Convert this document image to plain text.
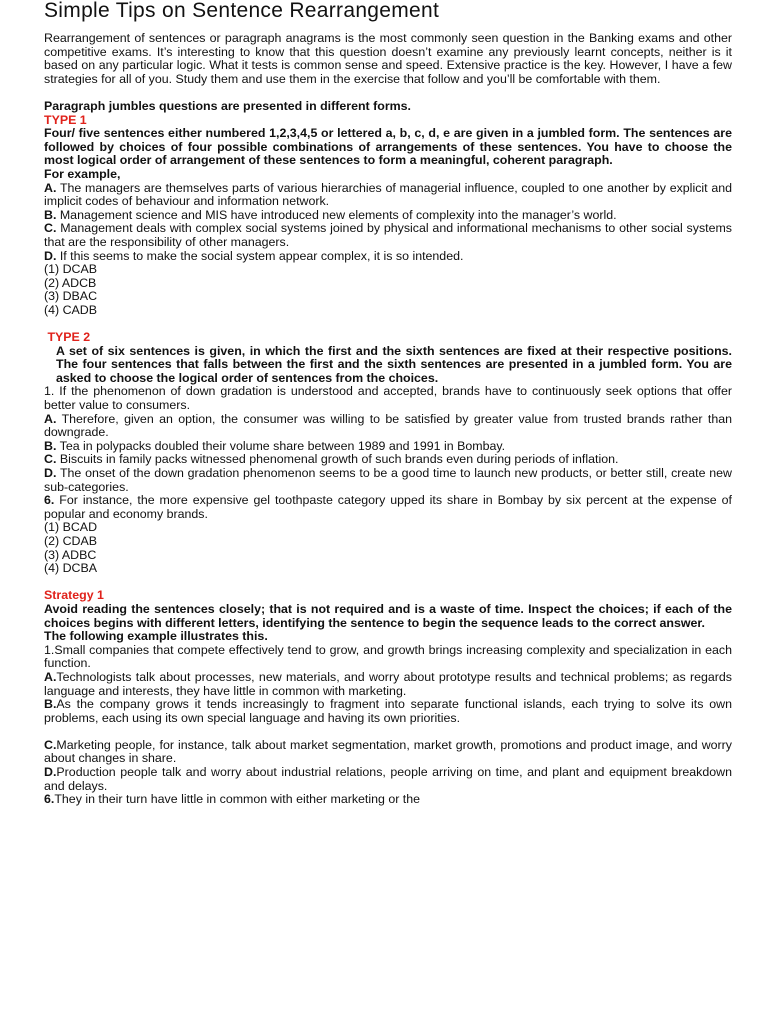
Simple Tips on Sentence Rearrangement

Rearrangement of sentences or paragraph anagrams is the most commonly seen question in the Banking exams and other competitive exams. It’s interesting to know that this question doesn’t examine any previously learnt concepts, neither is it based on any particular logic. What it tests is common sense and speed. Extensive practice is the key. However, I have a few strategies for all of you. Study them and use them in the exercise that follow and you’ll be comfortable with them.

Paragraph jumbles questions are presented in different forms.

TYPE 1

Four/ five sentences either numbered 1,2,3,4,5 or lettered a, b, c, d, e are given in a jumbled form. The sentences are followed by choices of four possible combinations of arrangements of these sentences. You have to choose the most logical order of arrangement of these sentences to form a meaningful, coherent paragraph.

For example,

A. The managers are themselves parts of various hierarchies of managerial influence, coupled to one another by explicit and implicit codes of behaviour and information network.

B. Management science and MIS have introduced new elements of complexity into the manager’s world.

C. Management deals with complex social systems joined by physical and informational mechanisms to other social systems that are the responsibility of other managers.

D. If this seems to make the social system appear complex, it is so intended.

(1) DCAB

(2) ADCB

(3) DBAC

(4) CADB

TYPE 2

A set of six sentences is given, in which the first and the sixth sentences are fixed at their respective positions. The four sentences that falls between the first and the sixth sentences are presented in a jumbled form. You are asked to choose the logical order of sentences from the choices.

1. If the phenomenon of down gradation is understood and accepted, brands have to continuously seek options that offer better value to consumers.

A. Therefore, given an option, the consumer was willing to be satisfied by greater value from trusted brands rather than downgrade.

B. Tea in polypacks doubled their volume share between 1989 and 1991 in Bombay.

C. Biscuits in family packs witnessed phenomenal growth of such brands even during periods of inflation.

D. The onset of the down gradation phenomenon seems to be a good time to launch new products, or better still, create new sub-categories.

6. For instance, the more expensive gel toothpaste category upped its share in Bombay by six percent at the expense of popular and economy brands.

(1) BCAD

(2) CDAB

(3) ADBC

(4) DCBA

Strategy 1

Avoid reading the sentences closely; that is not required and is a waste of time. Inspect the choices; if each of the choices begins with different letters, identifying the sentence to begin the sequence leads to the correct answer.

The following example illustrates this.

1.Small companies that compete effectively tend to grow, and growth brings increasing complexity and specialization in each function.

A.Technologists talk about processes, new materials, and worry about prototype results and technical problems; as regards language and interests, they have little in common with marketing.

B.As the company grows it tends increasingly to fragment into separate functional islands, each trying to solve its own problems, each using its own special language and having its own priorities.

C.Marketing people, for instance, talk about market segmentation, market growth, promotions and product image, and worry about changes in share.

D.Production people talk and worry about industrial relations, people arriving on time, and plant and equipment breakdown and delays.

6.They in their turn have little in common with either marketing or the
